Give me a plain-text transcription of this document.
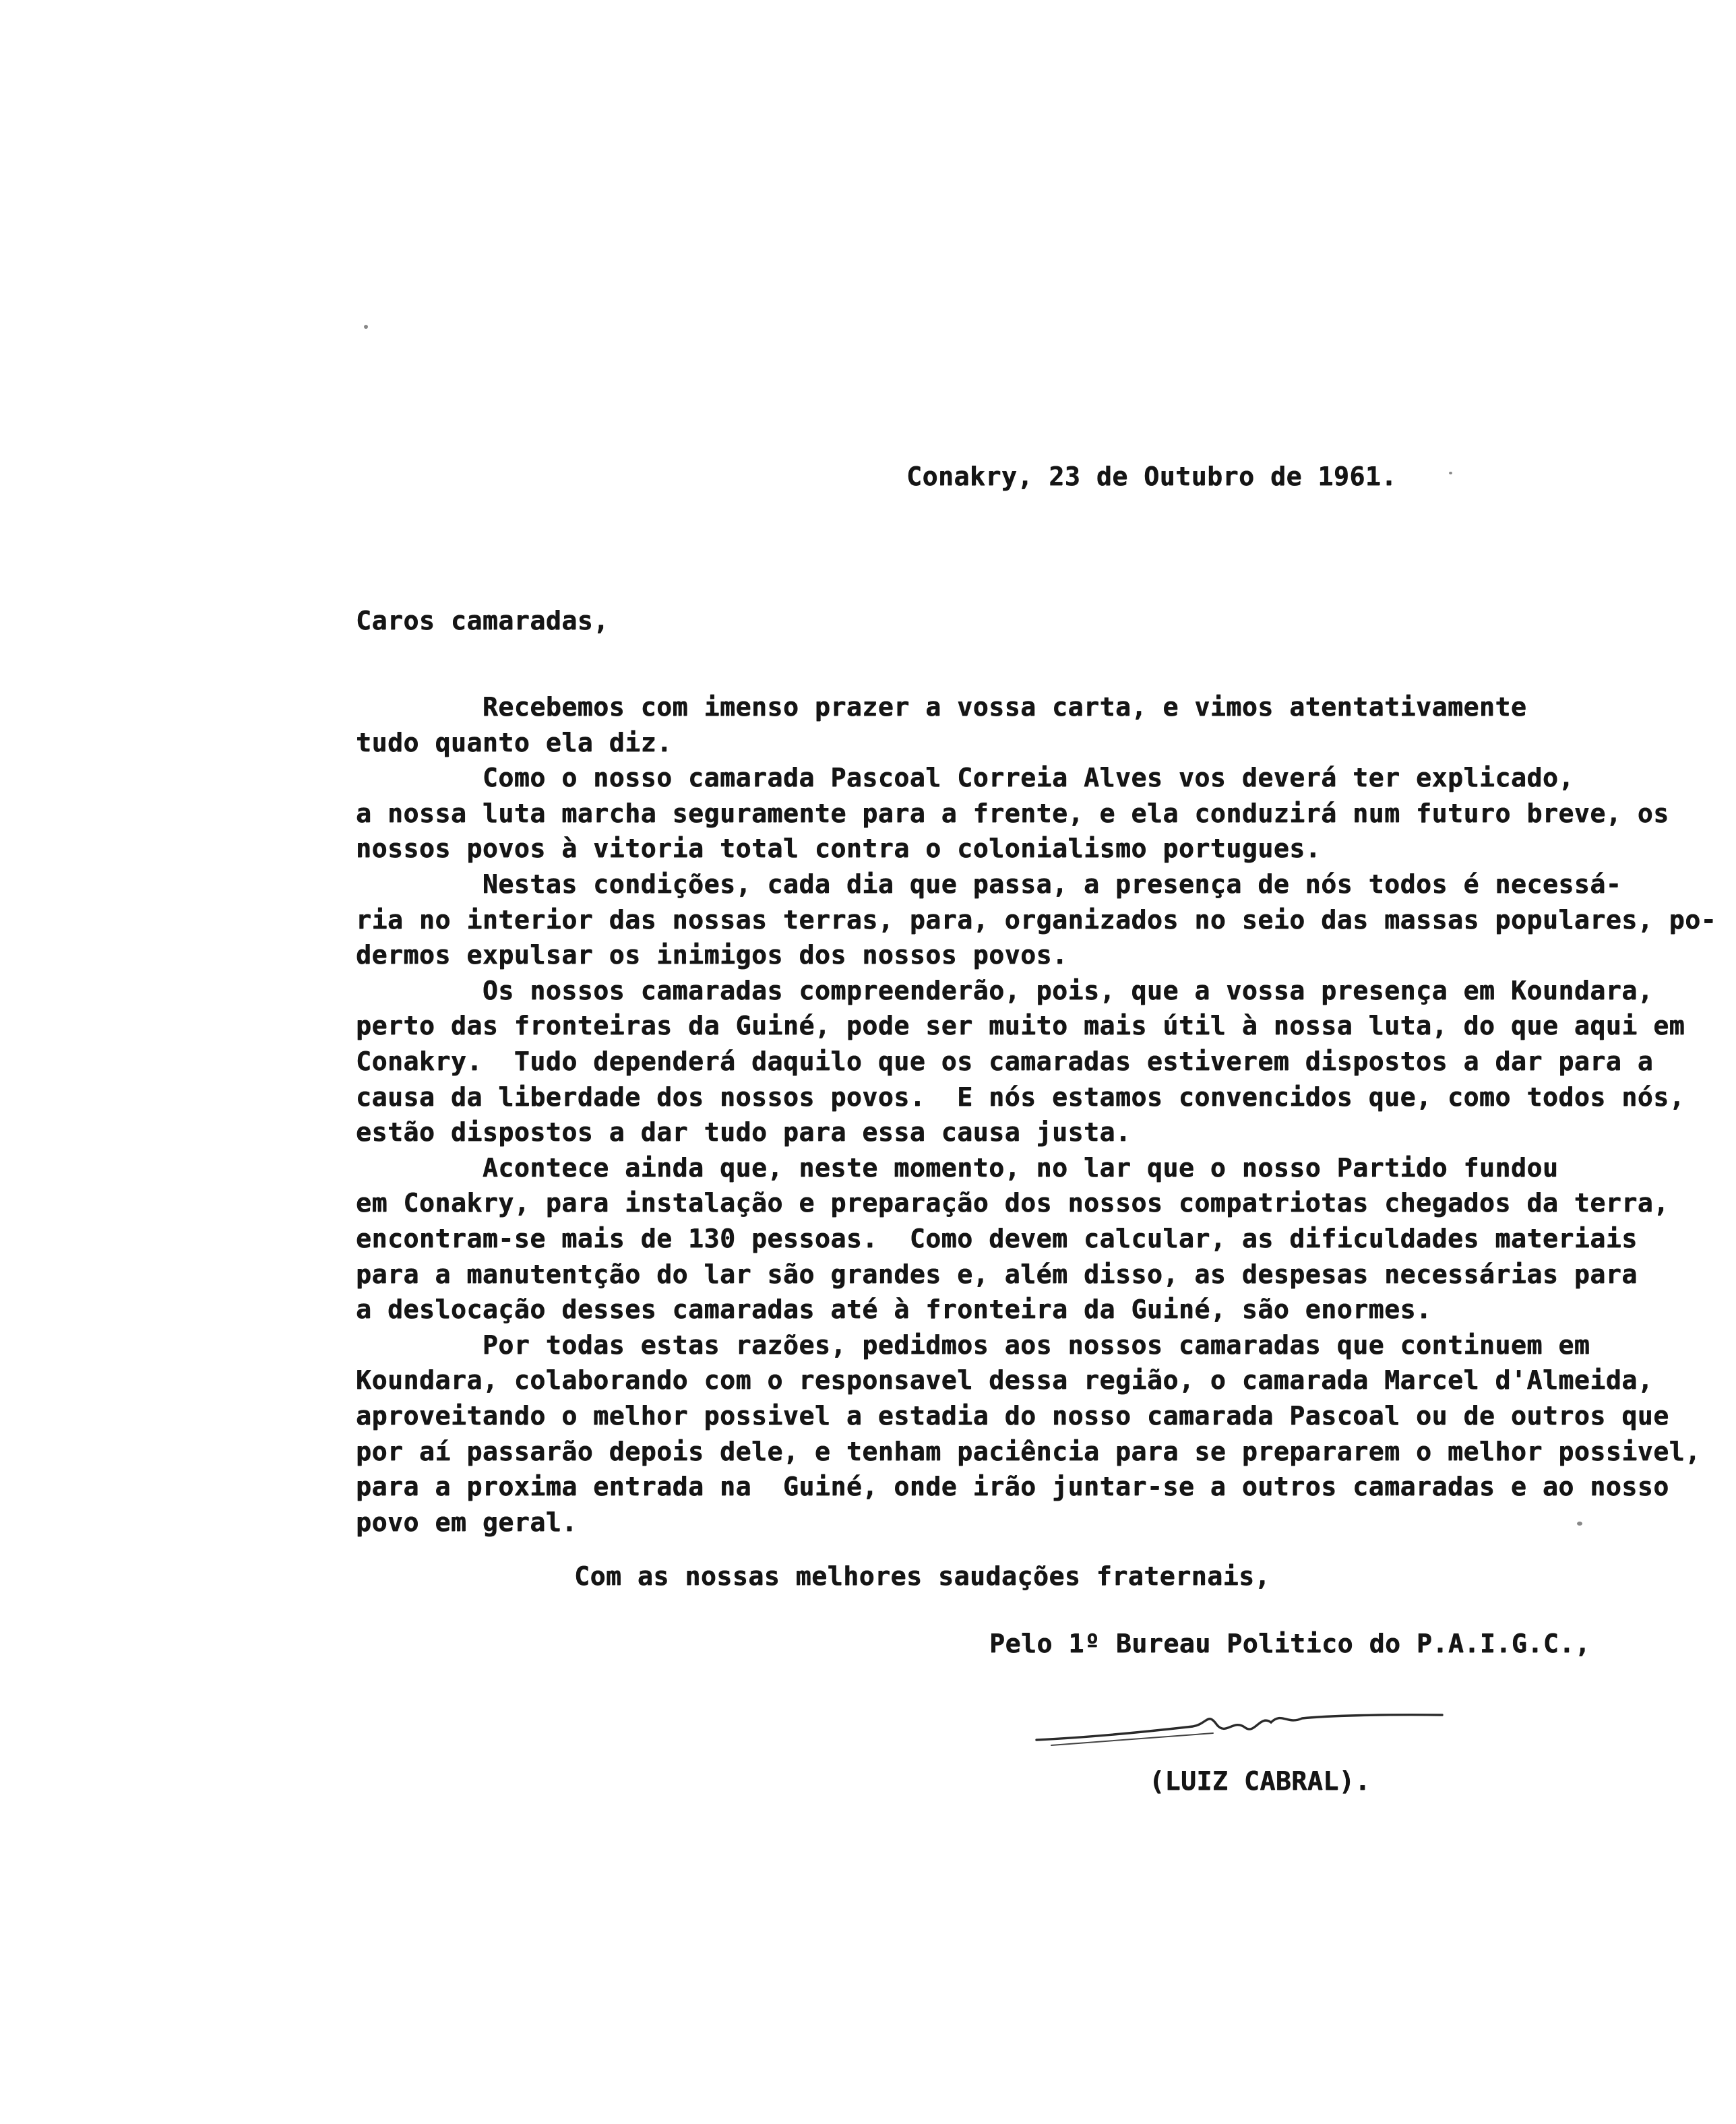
Conakry, 23 de Outubro de 1961.
Caros camaradas,
Recebemos com imenso prazer a vossa carta, e vimos atentativamente
tudo quanto ela diz.
Como o nosso camarada Pascoal Correia Alves vos deverá ter explicado,
a nossa luta marcha seguramente para a frente, e ela conduzirá num futuro breve, os
nossos povos à vitoria total contra o colonialismo portugues.
Nestas condições, cada dia que passa, a presença de nós todos é necessá-
ria no interior das nossas terras, para, organizados no seio das massas populares, po-
dermos expulsar os inimigos dos nossos povos.
Os nossos camaradas compreenderão, pois, que a vossa presença em Koundara,
perto das fronteiras da Guiné, pode ser muito mais útil à nossa luta, do que aqui em
Conakry.  Tudo dependerá daquilo que os camaradas estiverem dispostos a dar para a
causa da liberdade dos nossos povos.  E nós estamos convencidos que, como todos nós,
estão dispostos a dar tudo para essa causa justa.
Acontece ainda que, neste momento, no lar que o nosso Partido fundou
em Conakry, para instalação e preparação dos nossos compatriotas chegados da terra,
encontram-se mais de 130 pessoas.  Como devem calcular, as dificuldades materiais
para a manutentção do lar são grandes e, além disso, as despesas necessárias para
a deslocação desses camaradas até à fronteira da Guiné, são enormes.
Por todas estas razões, pedidmos aos nossos camaradas que continuem em
Koundara, colaborando com o responsavel dessa região, o camarada Marcel d'Almeida,
aproveitando o melhor possivel a estadia do nosso camarada Pascoal ou de outros que
por aí passarão depois dele, e tenham paciência para se prepararem o melhor possivel,
para a proxima entrada na  Guiné, onde irão juntar-se a outros camaradas e ao nosso
povo em geral.
Com as nossas melhores saudações fraternais,
Pelo 1º Bureau Politico do P.A.I.G.C.,
(LUIZ CABRAL).
